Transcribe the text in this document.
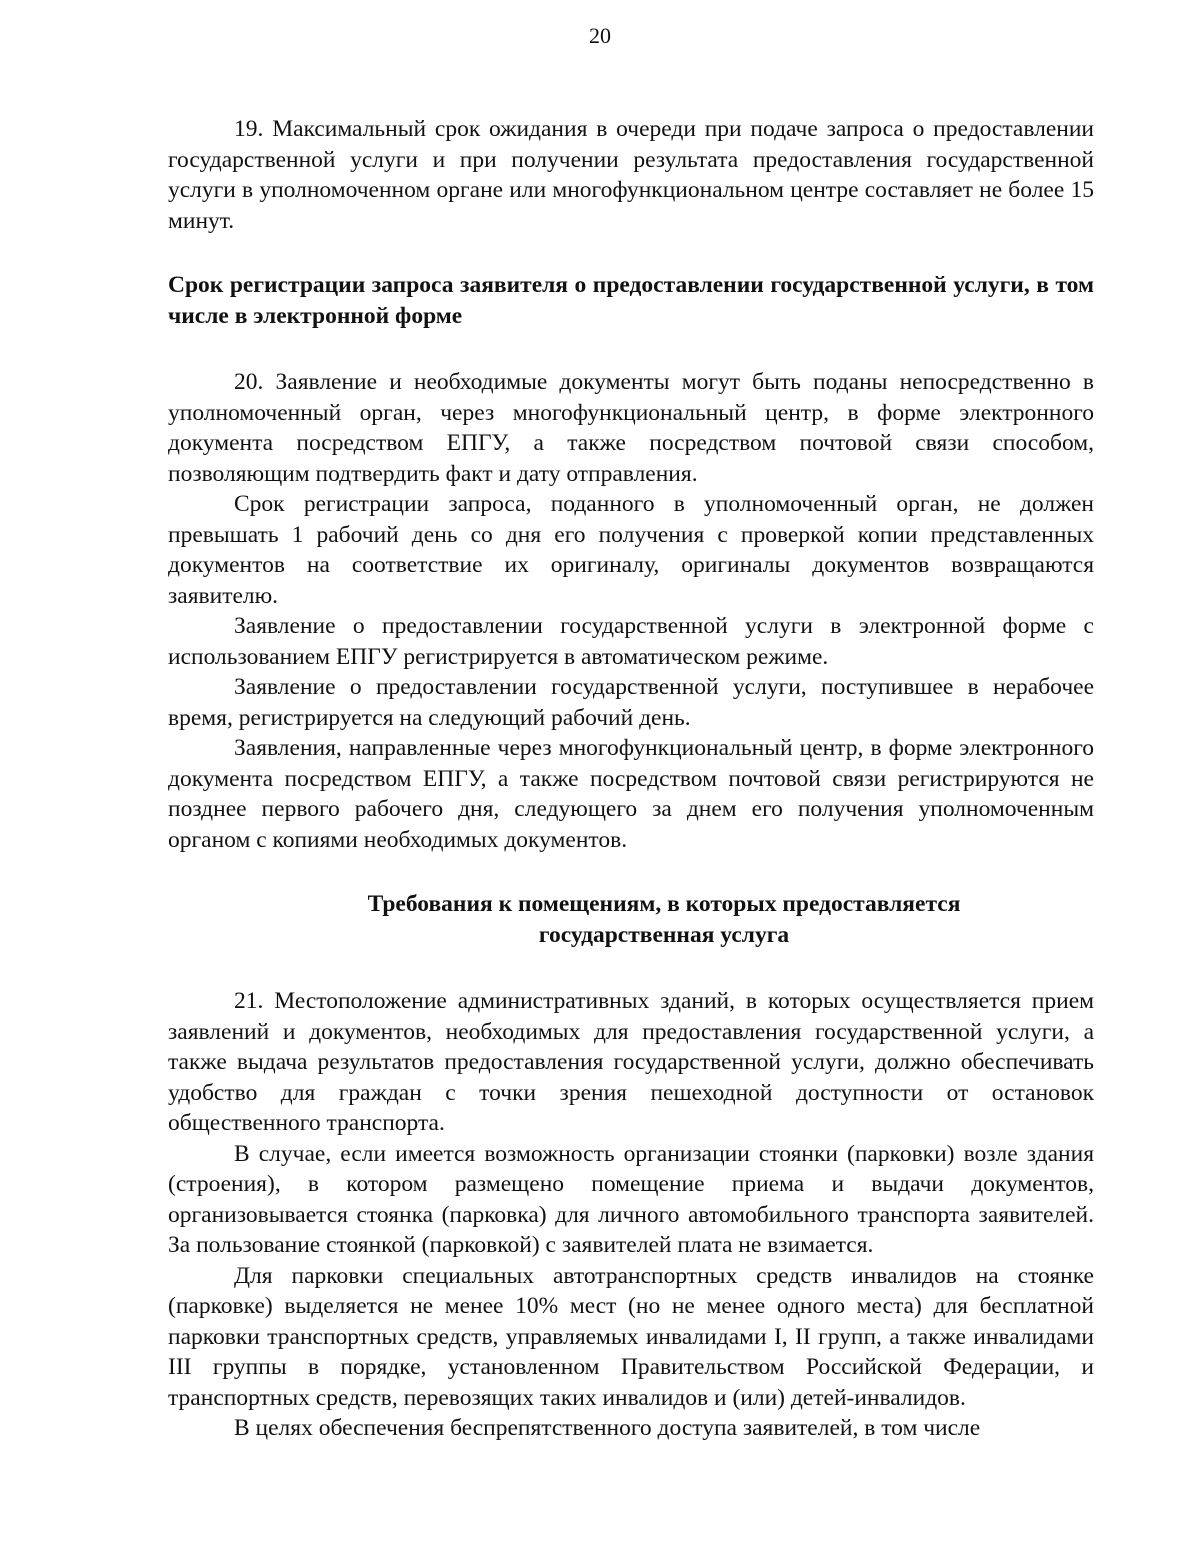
20

19. Максимальный срок ожидания в очереди при подаче запроса о предоставлении государственной услуги и при получении результата предоставления государственной услуги в уполномоченном органе или многофункциональном центре составляет не более 15 минут.

Срок регистрации запроса заявителя о предоставлении государственной услуги, в том числе в электронной форме

20. Заявление и необходимые документы могут быть поданы непосредственно в уполномоченный орган, через многофункциональный центр, в форме электронного документа посредством ЕПГУ, а также посредством почтовой связи способом, позволяющим подтвердить факт и дату отправления.

Срок регистрации запроса, поданного в уполномоченный орган, не должен превышать 1 рабочий день со дня его получения с проверкой копии представленных документов на соответствие их оригиналу, оригиналы документов возвращаются заявителю.

Заявление о предоставлении государственной услуги в электронной форме с использованием ЕПГУ регистрируется в автоматическом режиме.

Заявление о предоставлении государственной услуги, поступившее в нерабочее время, регистрируется на следующий рабочий день.

Заявления, направленные через многофункциональный центр, в форме электронного документа посредством ЕПГУ, а также посредством почтовой связи регистрируются не позднее первого рабочего дня, следующего за днем его получения уполномоченным органом с копиями необходимых документов.

Требования к помещениям, в которых предоставляется

государственная услуга

21. Местоположение административных зданий, в которых осуществляется прием заявлений и документов, необходимых для предоставления государственной услуги, а также выдача результатов предоставления государственной услуги, должно обеспечивать удобство для граждан с точки зрения пешеходной доступности от остановок общественного транспорта.

В случае, если имеется возможность организации стоянки (парковки) возле здания (строения), в котором размещено помещение приема и выдачи документов, организовывается стоянка (парковка) для личного автомобильного транспорта заявителей. За пользование стоянкой (парковкой) с заявителей плата не взимается.

Для парковки специальных автотранспортных средств инвалидов на стоянке (парковке) выделяется не менее 10% мест (но не менее одного места) для бесплатной парковки транспортных средств, управляемых инвалидами I, II групп, а также инвалидами III группы в порядке, установленном Правительством Российской Федерации, и транспортных средств, перевозящих таких инвалидов и (или) детей-инвалидов.

В целях обеспечения беспрепятственного доступа заявителей, в том числе
